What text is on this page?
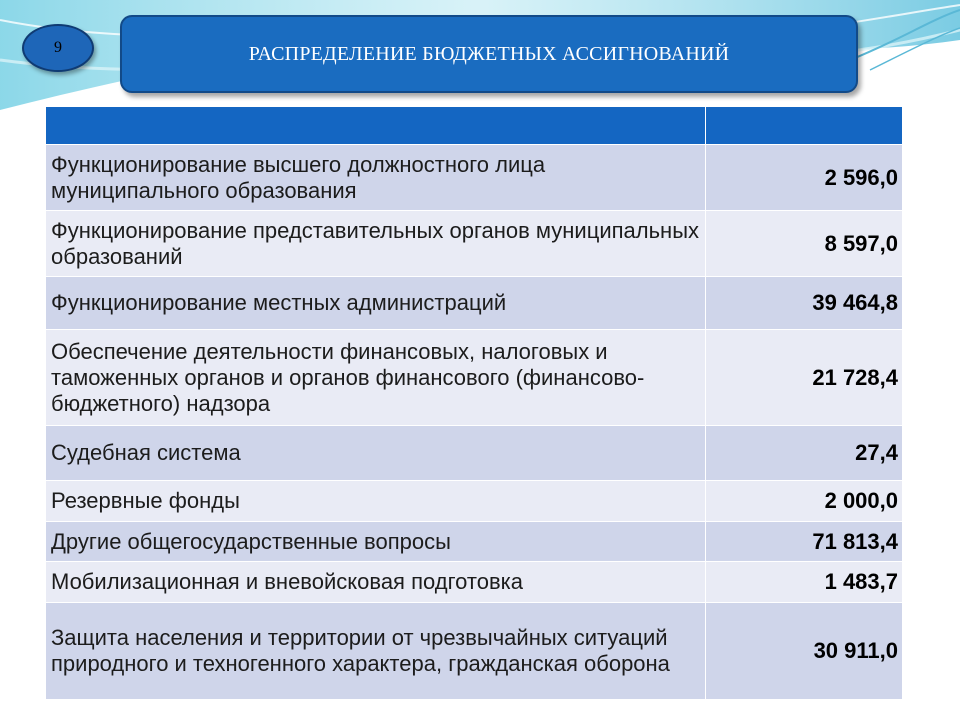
9	РАСПРЕДЕЛЕНИЕ БЮДЖЕТНЫХ АССИГНОВАНИЙ

Функционирование высшего должностного лица муниципального образования	2 596,0
Функционирование представительных органов муниципальных образований	8 597,0
Функционирование местных администраций	39 464,8
Обеспечение деятельности финансовых, налоговых и таможенных органов и органов финансового (финансово-бюджетного) надзора	21 728,4
Судебная система	27,4
Резервные фонды	2 000,0
Другие общегосударственные вопросы	71 813,4
Мобилизационная и вневойсковая подготовка	1 483,7
Защита населения и территории от чрезвычайных ситуаций природного и техногенного характера, гражданская оборона	30 911,0
